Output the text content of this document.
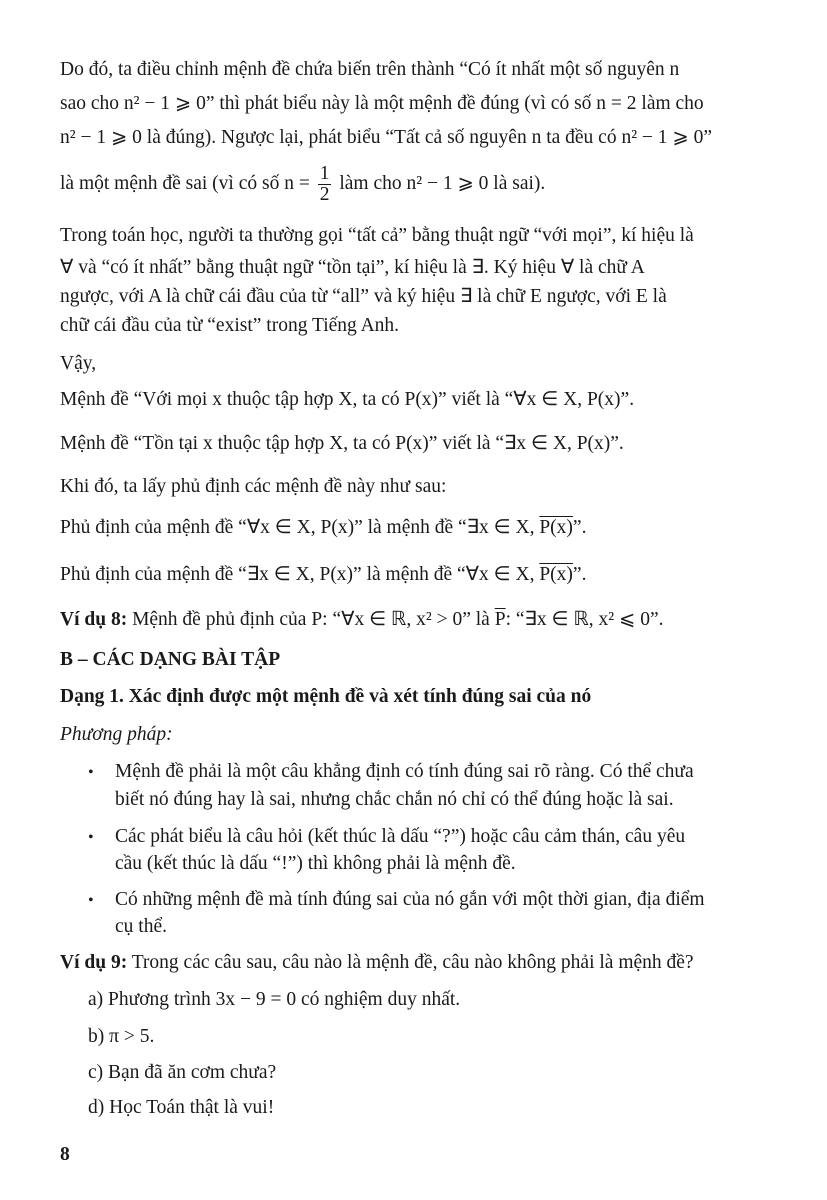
Do đó, ta điều chỉnh mệnh đề chứa biến trên thành “Có ít nhất một số nguyên n
sao cho n² − 1 ⩾ 0” thì phát biểu này là một mệnh đề đúng (vì có số n = 2 làm cho
n² − 1 ⩾ 0 là đúng). Ngược lại, phát biểu “Tất cả số nguyên n ta đều có n² − 1 ⩾ 0”
là một mệnh đề sai (vì có số $n = \frac{1}{2}$ làm cho n² − 1 ⩾ 0 là sai).
Trong toán học, người ta thường gọi “tất cả” bằng thuật ngữ “với mọi”, kí hiệu là
∀ và “có ít nhất” bằng thuật ngữ “tồn tại”, kí hiệu là ∃. Ký hiệu ∀ là chữ A
ngược, với A là chữ cái đầu của từ “all” và ký hiệu ∃ là chữ E ngược, với E là
chữ cái đầu của từ “exist” trong Tiếng Anh.
Vậy,
Mệnh đề “Với mọi x thuộc tập hợp X, ta có P(x)” viết là “∀x ∈ X, P(x)”.
Mệnh đề “Tồn tại x thuộc tập hợp X, ta có P(x)” viết là “∃x ∈ X, P(x)”.
Khi đó, ta lấy phủ định các mệnh đề này như sau:
Phủ định của mệnh đề “∀x ∈ X, P(x)” là mệnh đề “∃x ∈ X, P(x)”.
Phủ định của mệnh đề “∃x ∈ X, P(x)” là mệnh đề “∀x ∈ X, P(x)”.
Ví dụ 8: Mệnh đề phủ định của P: “∀x ∈ ℝ, x² > 0” là $\overline{P}$: “∃x ∈ ℝ, x² ⩽ 0”.
B – CÁC DẠNG BÀI TẬP
Dạng 1. Xác định được một mệnh đề và xét tính đúng sai của nó
Phương pháp:
• Mệnh đề phải là một câu khẳng định có tính đúng sai rõ ràng. Có thể chưa
biết nó đúng hay là sai, nhưng chắc chắn nó chỉ có thể đúng hoặc là sai.
• Các phát biểu là câu hỏi (kết thúc là dấu “?”) hoặc câu cảm thán, câu yêu
cầu (kết thúc là dấu “!”) thì không phải là mệnh đề.
• Có những mệnh đề mà tính đúng sai của nó gắn với một thời gian, địa điểm
cụ thể.
Ví dụ 9: Trong các câu sau, câu nào là mệnh đề, câu nào không phải là mệnh đề?
a) Phương trình 3x − 9 = 0 có nghiệm duy nhất.
b) π > 5.
c) Bạn đã ăn cơm chưa?
d) Học Toán thật là vui!
8
